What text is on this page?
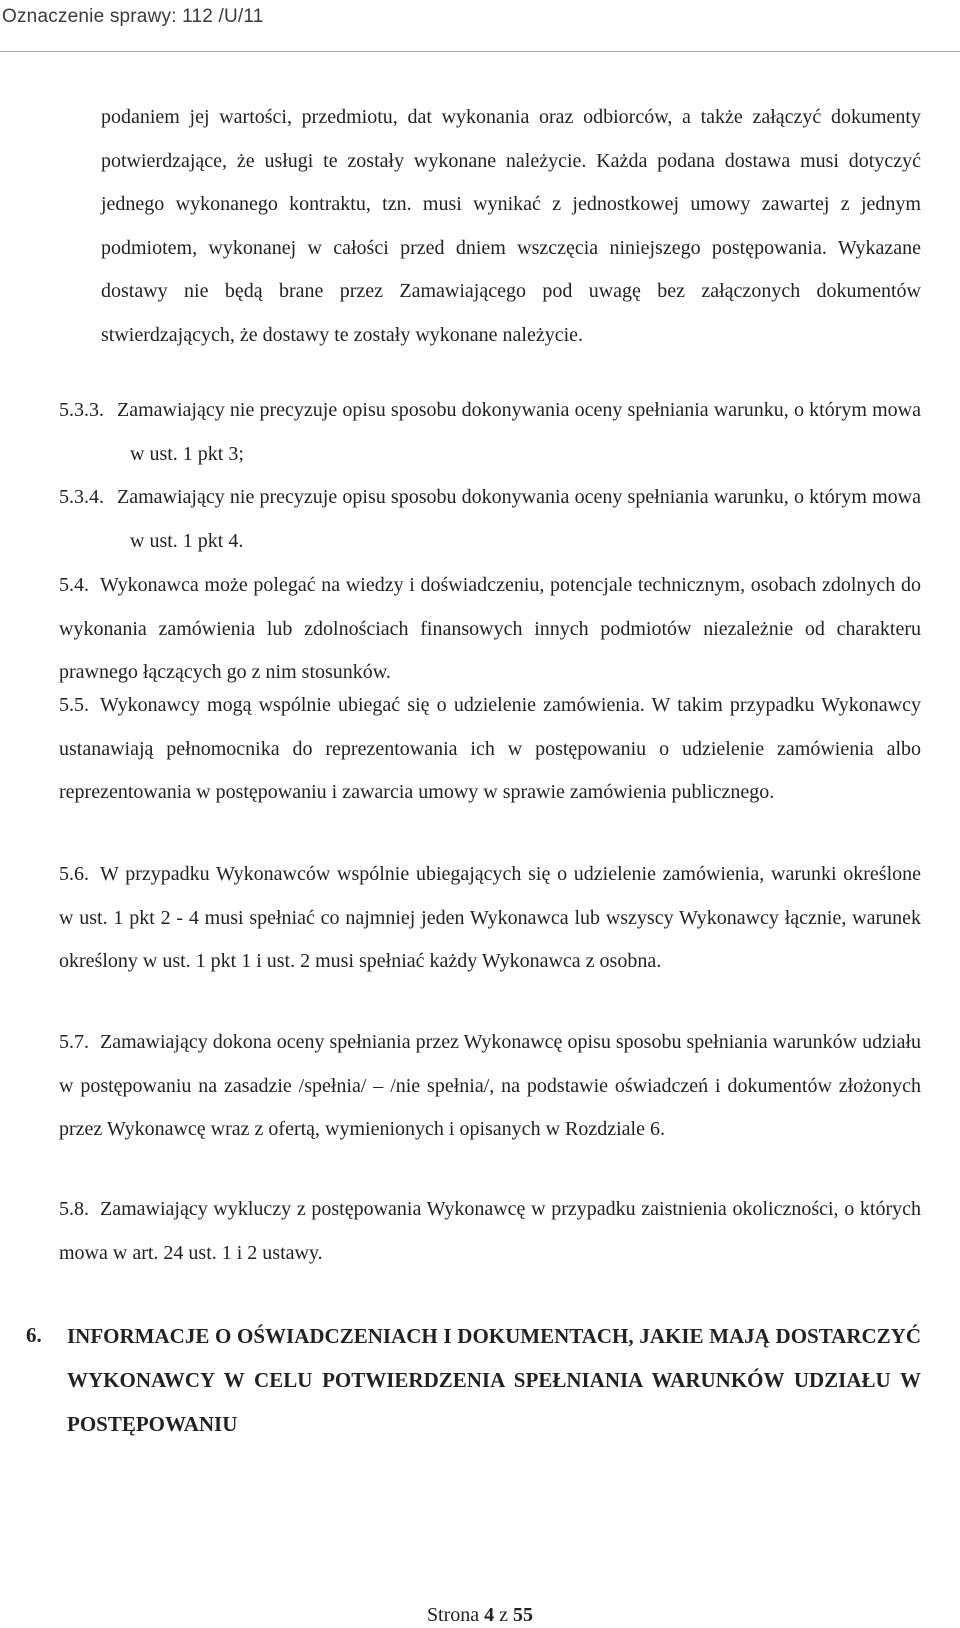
Oznaczenie sprawy: 112 /U/11

podaniem jej wartości, przedmiotu, dat wykonania oraz odbiorców, a także załączyć dokumenty potwierdzające, że usługi te zostały wykonane należycie. Każda podana dostawa musi dotyczyć jednego wykonanego kontraktu, tzn. musi wynikać z jednostkowej umowy zawartej z jednym podmiotem, wykonanej w całości przed dniem wszczęcia niniejszego postępowania. Wykazane dostawy nie będą brane przez Zamawiającego pod uwagę bez załączonych dokumentów stwierdzających, że dostawy te zostały wykonane należycie.

5.3.3. Zamawiający nie precyzuje opisu sposobu dokonywania oceny spełniania warunku, o którym mowa w ust. 1 pkt 3;

5.3.4. Zamawiający nie precyzuje opisu sposobu dokonywania oceny spełniania warunku, o którym mowa w ust. 1 pkt 4.

5.4. Wykonawca może polegać na wiedzy i doświadczeniu, potencjale technicznym, osobach zdolnych do wykonania zamówienia lub zdolnościach finansowych innych podmiotów niezależnie od charakteru prawnego łączących go z nim stosunków.

5.5. Wykonawcy mogą wspólnie ubiegać się o udzielenie zamówienia. W takim przypadku Wykonawcy ustanawiają pełnomocnika do reprezentowania ich w postępowaniu o udzielenie zamówienia albo reprezentowania w postępowaniu i zawarcia umowy w sprawie zamówienia publicznego.

5.6. W przypadku Wykonawców wspólnie ubiegających się o udzielenie zamówienia, warunki określone w ust. 1 pkt 2 - 4 musi spełniać co najmniej jeden Wykonawca lub wszyscy Wykonawcy łącznie, warunek określony w ust. 1 pkt 1 i ust. 2 musi spełniać każdy Wykonawca z osobna.

5.7. Zamawiający dokona oceny spełniania przez Wykonawcę opisu sposobu spełniania warunków udziału w postępowaniu na zasadzie /spełnia/ – /nie spełnia/, na podstawie oświadczeń i dokumentów złożonych przez Wykonawcę wraz z ofertą, wymienionych i opisanych w Rozdziale 6.

5.8. Zamawiający wykluczy z postępowania Wykonawcę w przypadku zaistnienia okoliczności, o których mowa w art. 24 ust. 1 i 2 ustawy.

6. INFORMACJE O OŚWIADCZENIACH I DOKUMENTACH, JAKIE MAJĄ DOSTARCZYĆ WYKONAWCY W CELU POTWIERDZENIA SPEŁNIANIA WARUNKÓW UDZIAŁU W POSTĘPOWANIU

Strona 4 z 55
